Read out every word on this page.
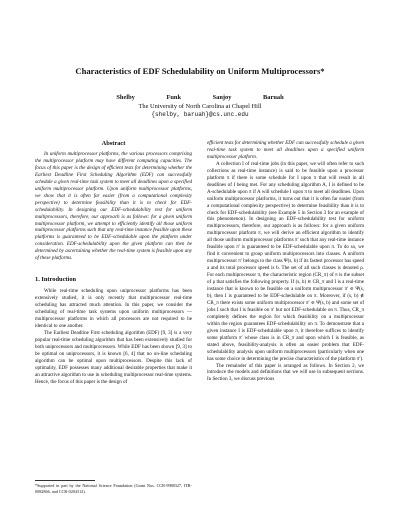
Characteristics of EDF Schedulability on Uniform Multiprocessors*
Shelby Funk Sanjoy Baruah
The University of North Carolina at Chapel Hill
{shelby, baruah}@cs.unc.edu
Abstract

In uniform multiprocessor platforms, the various processors comprising the multiprocessor platform may have different computing capacities. The focus of this paper is the design of efficient tests for determining whether the Earliest Deadline First Scheduling Algorithm (EDF) can successfully schedule a given real-time task system to meet all deadlines upon a specified uniform multiprocessor platform. Upon uniform multiprocessor platforms, we show that it is often far easier (from a computational complexity perspective) to determine feasibility than it is to check for EDF-schedulability. In designing our EDF-schedulability test for uniform multiprocessors, therefore, our approach is as follows: for a given uniform multiprocessor platform, we attempt to efficiently identify all those uniform multiprocessor platforms such that any real-time instance feasible upon these platforms is guaranteed to be EDF-schedulable upon the platform under consideration. EDF-schedulability upon the given platform can then be determined by ascertaining whether the real-time system is feasible upon any of these platforms.

1. Introduction

While real-time scheduling upon uniprocessor platforms has been extensively studied, it is only recently that multiprocessor real-time scheduling has attracted much attention. In this paper, we consider the scheduling of real-time task systems upon uniform multiprocessors — multiprocessor platforms in which all processors are not required to be identical to one another.

The Earliest Deadline First scheduling algorithm (EDF) [9, 3] is a very popular real-time scheduling algorithm that has been extensively studied for both uniprocessors and multiprocessors. While EDF has been shown [9, 3] to be optimal on uniprocessors, it is known [6, 4] that no on-line scheduling algorithm can be optimal upon multiprocessors. Despite this lack of optimality, EDF possesses many additional desirable properties that make it an attractive algorithm to use in scheduling multiprocessor real-time systems. Hence, the focus of this paper is the design of

efficient tests for determining whether EDF can successfully schedule a given real-time task system to meet all deadlines upon a specified uniform multiprocessor platform.

A collection I of real-time jobs (in this paper, we will often refer to such collections as real-time instance) is said to be feasible upon a processor platform π if there is some schedule for I upon π that will result in all deadlines of I being met. For any scheduling algorithm A, I is defined to be A-schedulable upon π if A will schedule I upon π to meet all deadlines. Upon uniform multiprocessor platforms, it turns out that it is often far easier (from a computational complexity perspective) to determine feasibility than it is to check for EDF-schedulability (see Example 5 in Section 3 for an example of this phenomenon). In designing an EDF-schedulability test for uniform multiprocessors, therefore, our approach is as follows: for a given uniform multiprocessor platform π, we will derive an efficient algorithm to identify all those uniform multiprocessor platforms π′ such that any real-time instance feasible upon π′ is guaranteed to be EDF-schedulable upon π. To do so, we find it convenient to group uniform multiprocessors into classes. A uniform multiprocessor π′ belongs to the class Ψ(s, b) if its fastest processor has speed a and its total processor speed is b. The set of all such classes is denoted ρ. For each multiprocessor π, the characteristic region (CR_π) of π is the subset of ρ that satisfies the following property. If (s, b) ∈ CR_π and I is a real-time instance that is known to be feasible on a uniform multiprocessor π′ ∈ Ψ(s, b), then I is guaranteed to be EDF-schedulable on π. Moreover, if (s, b) ∉ CR_π there exists some uniform multiprocessor π′ ∈ Ψ(s, b) and some set of jobs I such that I is feasible on π′ but not EDF-schedulable on π. Thus, CR_π completely defines the region for which feasibility on a multiprocessor within the region guarantees EDF-schedulability on π. To demonstrate that a given instance I is EDF-schedulable upon π, it therefore suffices to identify some platform π′ whose class is in CR_π and upon which I is feasible, as stated above, feasibility-analysis is often an easier problem that EDF-schedulability analysis upon uniform multiprocessors (particularly when one has some choice in determining the precise characteristics of the platform π′).

The remainder of this paper is arranged as follows. In Section 2, we introduce the models and definitions that we will use in subsequent sections. In Section 3, we discuss previous

*Supported in part by the National Science Foundation (Grant Nos. CCR-9988327, ITR-0082866, and CCR-0204312).
